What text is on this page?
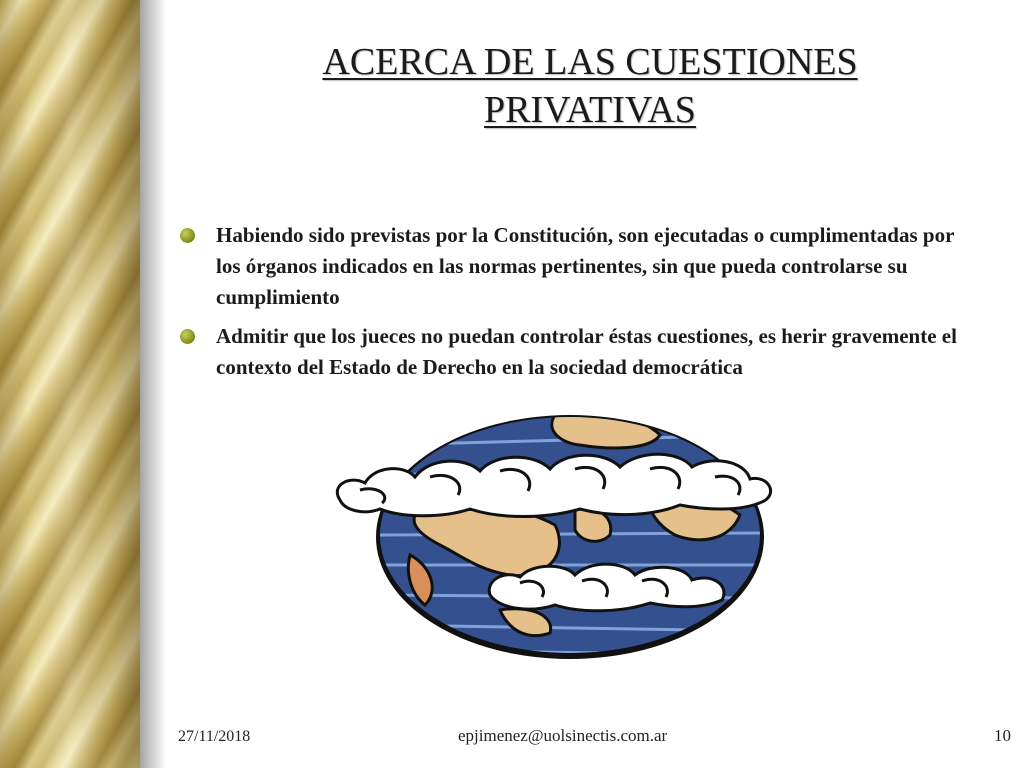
ACERCA DE LAS CUESTIONES
PRIVATIVAS
Habiendo sido previstas por la Constitución, son ejecutadas o cumplimentadas por los órganos indicados en las normas pertinentes, sin que pueda controlarse su cumplimiento
Admitir que los jueces no puedan controlar éstas cuestiones, es herir gravemente el contexto del Estado de Derecho en la sociedad democrática
27/11/2018	epjimenez@uolsinectis.com.ar	10
